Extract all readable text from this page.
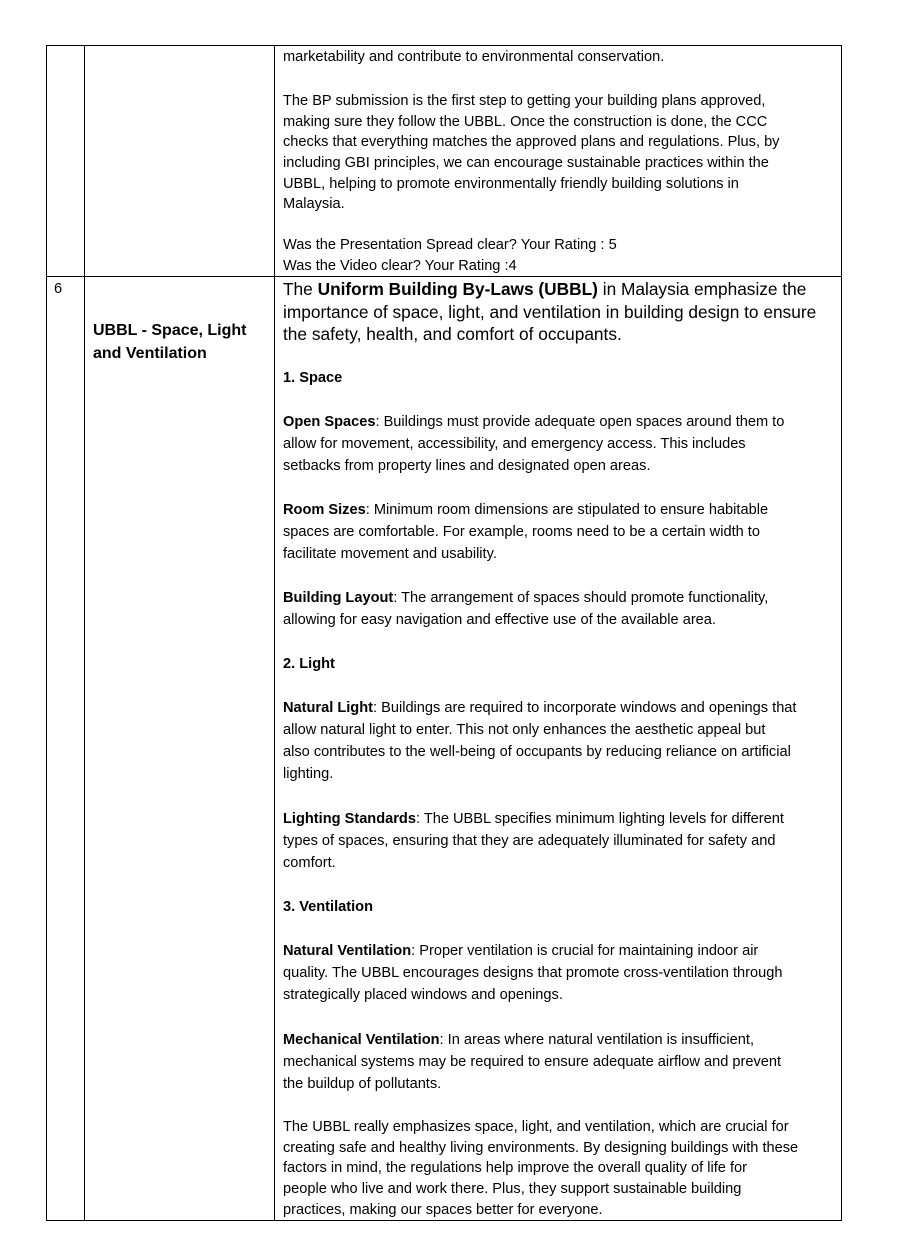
marketability and contribute to environmental conservation.
The BP submission is the first step to getting your building plans approved,
making sure they follow the UBBL. Once the construction is done, the CCC
checks that everything matches the approved plans and regulations. Plus, by
including GBI principles, we can encourage sustainable practices within the
UBBL, helping to promote environmentally friendly building solutions in
Malaysia.
Was the Presentation Spread clear? Your Rating : 5
Was the Video clear? Your Rating :4
6
UBBL - Space, Light
and Ventilation
The Uniform Building By-Laws (UBBL) in Malaysia emphasize the
importance of space, light, and ventilation in building design to ensure
the safety, health, and comfort of occupants.
1. Space
Open Spaces: Buildings must provide adequate open spaces around them to
allow for movement, accessibility, and emergency access. This includes
setbacks from property lines and designated open areas.
Room Sizes: Minimum room dimensions are stipulated to ensure habitable
spaces are comfortable. For example, rooms need to be a certain width to
facilitate movement and usability.
Building Layout: The arrangement of spaces should promote functionality,
allowing for easy navigation and effective use of the available area.
2. Light
Natural Light: Buildings are required to incorporate windows and openings that
allow natural light to enter. This not only enhances the aesthetic appeal but
also contributes to the well-being of occupants by reducing reliance on artificial
lighting.
Lighting Standards: The UBBL specifies minimum lighting levels for different
types of spaces, ensuring that they are adequately illuminated for safety and
comfort.
3. Ventilation
Natural Ventilation: Proper ventilation is crucial for maintaining indoor air
quality. The UBBL encourages designs that promote cross-ventilation through
strategically placed windows and openings.
Mechanical Ventilation: In areas where natural ventilation is insufficient,
mechanical systems may be required to ensure adequate airflow and prevent
the buildup of pollutants.
The UBBL really emphasizes space, light, and ventilation, which are crucial for
creating safe and healthy living environments. By designing buildings with these
factors in mind, the regulations help improve the overall quality of life for
people who live and work there. Plus, they support sustainable building
practices, making our spaces better for everyone.
